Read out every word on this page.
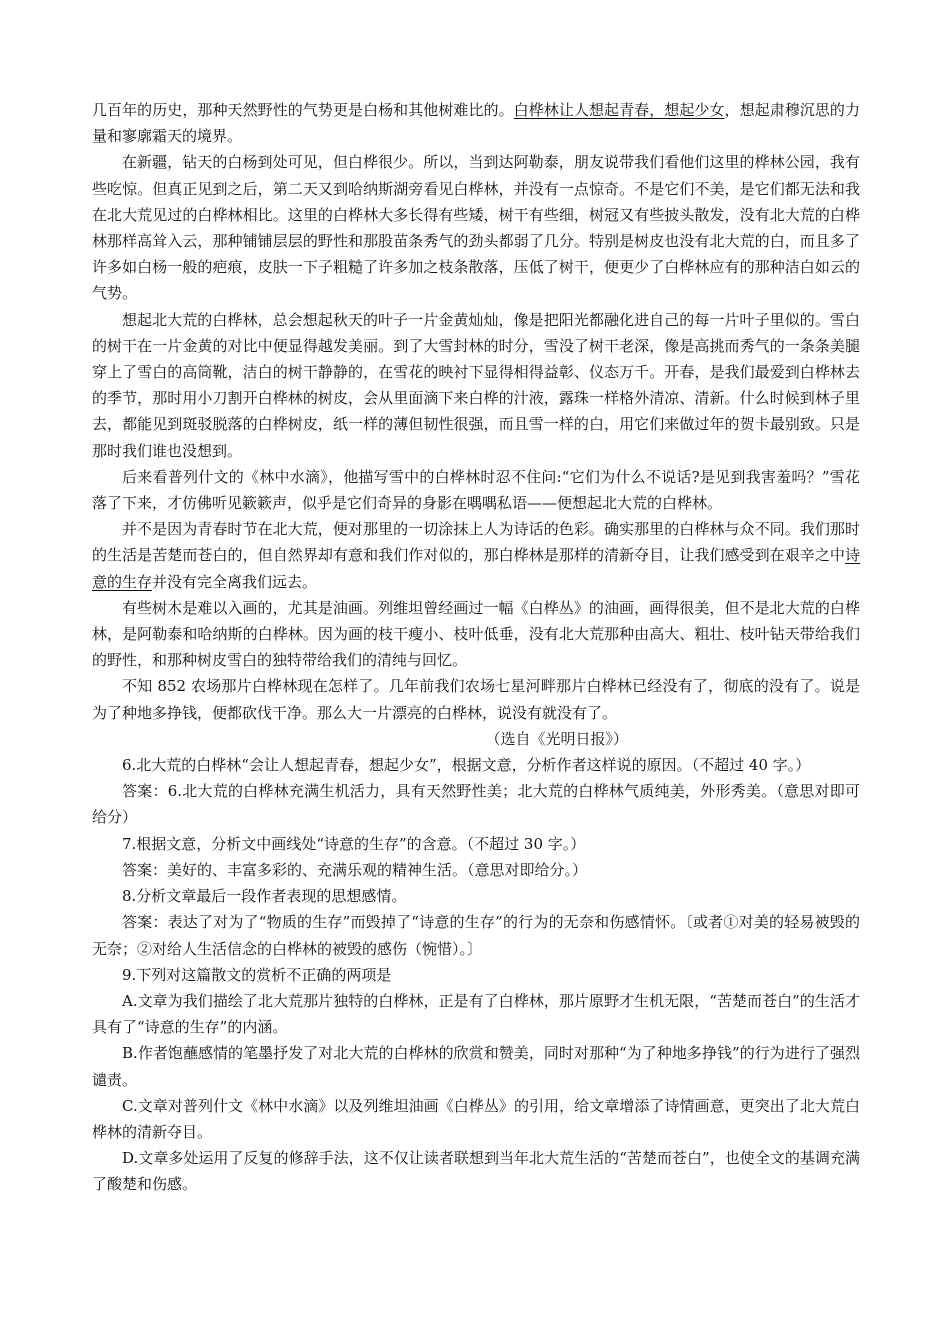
几百年的历史，那种天然野性的气势更是白杨和其他树难比的。白桦林让人想起青春，想起少女，想起肃穆沉思的力量和寥廓霜天的境界。

在新疆，钻天的白杨到处可见，但白桦很少。所以，当到达阿勒泰，朋友说带我们看他们这里的桦林公园，我有些吃惊。但真正见到之后，第二天又到哈纳斯湖旁看见白桦林，并没有一点惊奇。不是它们不美，是它们都无法和我在北大荒见过的白桦林相比。这里的白桦林大多长得有些矮，树干有些细，树冠又有些披头散发，没有北大荒的白桦林那样高耸入云，那种铺铺层层的野性和那股苗条秀气的劲头都弱了几分。特别是树皮也没有北大荒的白，而且多了许多如白杨一般的疤痕，皮肤一下子粗糙了许多加之枝条散落，压低了树干，便更少了白桦林应有的那种洁白如云的气势。

想起北大荒的白桦林，总会想起秋天的叶子一片金黄灿灿，像是把阳光都融化进自己的每一片叶子里似的。雪白的树干在一片金黄的对比中便显得越发美丽。到了大雪封林的时分，雪没了树干老深，像是高挑而秀气的一条条美腿穿上了雪白的高筒靴，洁白的树干静静的，在雪花的映衬下显得相得益彰、仪态万千。开春，是我们最爱到白桦林去的季节，那时用小刀割开白桦林的树皮，会从里面滴下来白桦的汁液，露珠一样格外清凉、清新。什么时候到林子里去，都能见到斑驳脱落的白桦树皮，纸一样的薄但韧性很强，而且雪一样的白，用它们来做过年的贺卡最别致。只是那时我们谁也没想到。

后来看普列什文的《林中水滴》，他描写雪中的白桦林时忍不住问:“它们为什么不说话?是见到我害羞吗？”雪花落了下来，才仿佛听见簌簌声，似乎是它们奇异的身影在喁喁私语——便想起北大荒的白桦林。

并不是因为青春时节在北大荒，便对那里的一切涂抹上人为诗话的色彩。确实那里的白桦林与众不同。我们那时的生活是苦楚而苍白的，但自然界却有意和我们作对似的，那白桦林是那样的清新夺目，让我们感受到在艰辛之中诗意的生存并没有完全离我们远去。

有些树木是难以入画的，尤其是油画。列维坦曾经画过一幅《白桦丛》的油画，画得很美，但不是北大荒的白桦林，是阿勒泰和哈纳斯的白桦林。因为画的枝干瘦小、枝叶低垂，没有北大荒那种由高大、粗壮、枝叶钻天带给我们的野性，和那种树皮雪白的独特带给我们的清纯与回忆。

不知 852 农场那片白桦林现在怎样了。几年前我们农场七星河畔那片白桦林已经没有了，彻底的没有了。说是为了种地多挣钱，便都砍伐干净。那么大一片漂亮的白桦林，说没有就没有了。

（选自《光明日报》）

6.北大荒的白桦林“会让人想起青春，想起少女”，根据文意，分析作者这样说的原因。（不超过 40 字。）

答案：6.北大荒的白桦林充满生机活力，具有天然野性美；北大荒的白桦林气质纯美，外形秀美。（意思对即可给分）

7.根据文意，分析文中画线处“诗意的生存”的含意。（不超过 30 字。）

答案：美好的、丰富多彩的、充满乐观的精神生活。（意思对即给分。）

8.分析文章最后一段作者表现的思想感情。

答案：表达了对为了“物质的生存”而毁掉了“诗意的生存”的行为的无奈和伤感情怀。〔或者①对美的轻易被毁的无奈；②对给人生活信念的白桦林的被毁的感伤（惋惜）。〕

9.下列对这篇散文的赏析不正确的两项是

A.文章为我们描绘了北大荒那片独特的白桦林，正是有了白桦林，那片原野才生机无限，“苦楚而苍白”的生活才具有了“诗意的生存”的内涵。

B.作者饱蘸感情的笔墨抒发了对北大荒的白桦林的欣赏和赞美，同时对那种“为了种地多挣钱”的行为进行了强烈谴责。

C.文章对普列什文《林中水滴》以及列维坦油画《白桦丛》的引用，给文章增添了诗情画意，更突出了北大荒白桦林的清新夺目。

D.文章多处运用了反复的修辞手法，这不仅让读者联想到当年北大荒生活的“苦楚而苍白”，也使全文的基调充满了酸楚和伤感。
